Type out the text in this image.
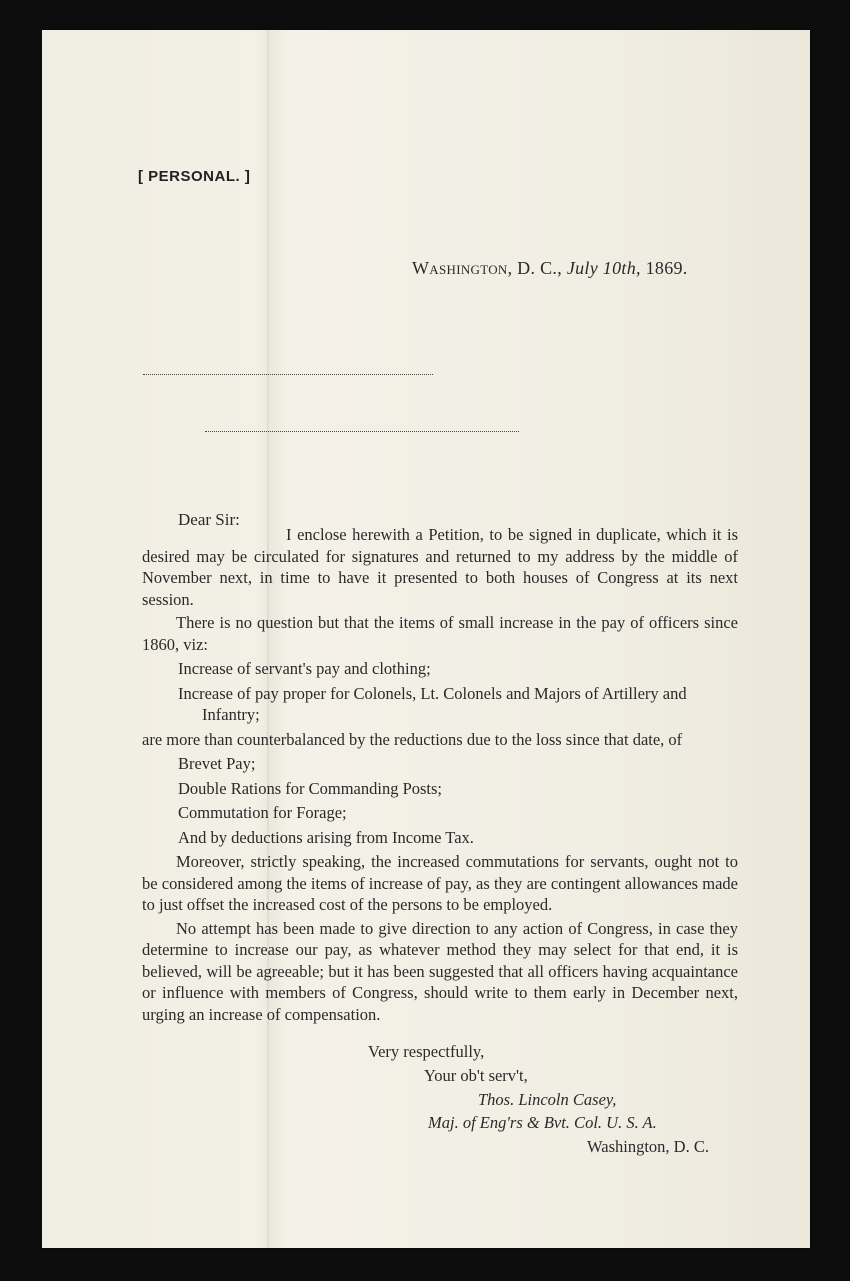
[ PERSONAL. ]
Washington, D. C., July 10th, 1869.
Dear Sir:

I enclose herewith a Petition, to be signed in duplicate, which it is desired may be circulated for signatures and returned to my address by the middle of November next, in time to have it presented to both houses of Congress at its next session.

There is no question but that the items of small increase in the pay of officers since 1860, viz:

Increase of servant's pay and clothing;
Increase of pay proper for Colonels, Lt. Colonels and Majors of Artillery and Infantry;

are more than counterbalanced by the reductions due to the loss since that date, of

Brevet Pay;
Double Rations for Commanding Posts;
Commutation for Forage;
And by deductions arising from Income Tax.

Moreover, strictly speaking, the increased commutations for servants, ought not to be considered among the items of increase of pay, as they are contingent allowances made to just offset the increased cost of the persons to be employed.

No attempt has been made to give direction to any action of Congress, in case they determine to increase our pay, as whatever method they may select for that end, it is believed, will be agreeable; but it has been suggested that all officers having acquaintance or influence with members of Congress, should write to them early in December next, urging an increase of compensation.

Very respectfully,
Your ob't serv't,
Thos. Lincoln Casey,
Maj. of Eng'rs & Bvt. Col. U. S. A.
Washington, D. C.
